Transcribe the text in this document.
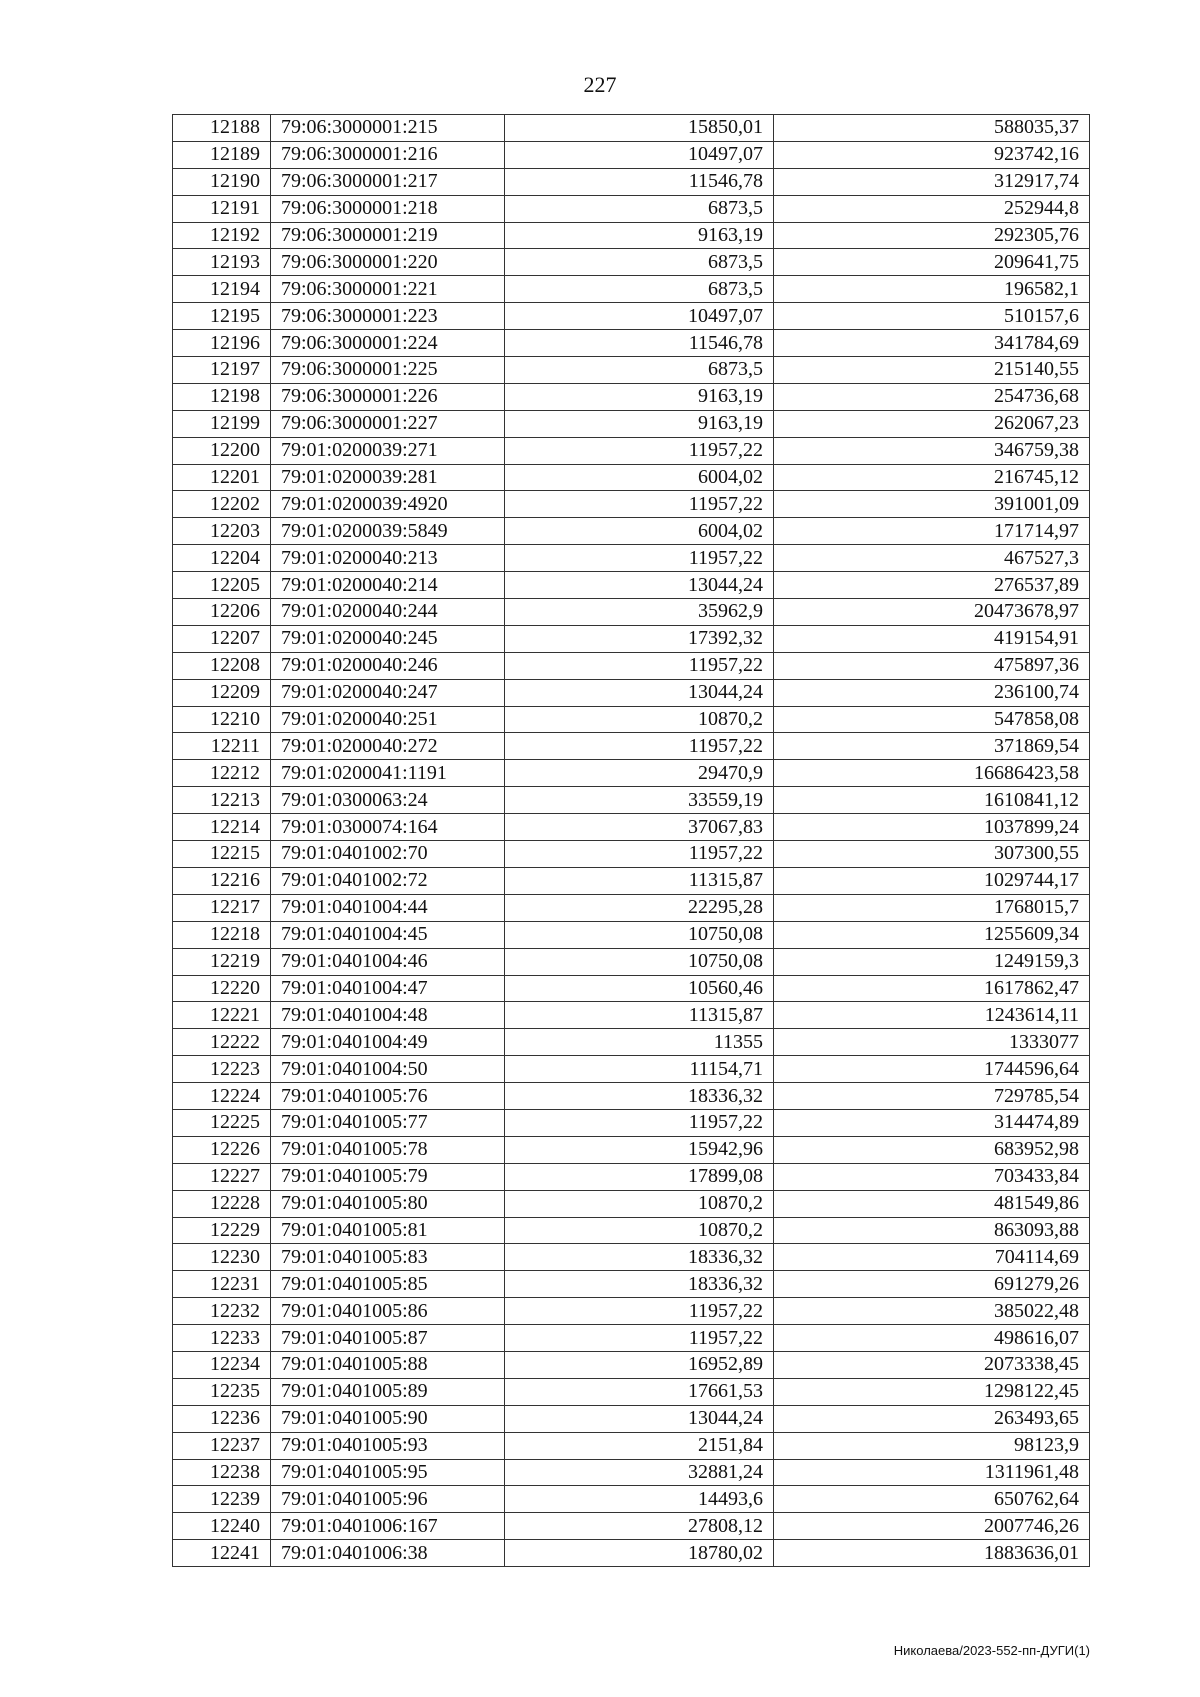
227
12188	79:06:3000001:215	15850,01	588035,37
12189	79:06:3000001:216	10497,07	923742,16
12190	79:06:3000001:217	11546,78	312917,74
12191	79:06:3000001:218	6873,5	252944,8
12192	79:06:3000001:219	9163,19	292305,76
12193	79:06:3000001:220	6873,5	209641,75
12194	79:06:3000001:221	6873,5	196582,1
12195	79:06:3000001:223	10497,07	510157,6
12196	79:06:3000001:224	11546,78	341784,69
12197	79:06:3000001:225	6873,5	215140,55
12198	79:06:3000001:226	9163,19	254736,68
12199	79:06:3000001:227	9163,19	262067,23
12200	79:01:0200039:271	11957,22	346759,38
12201	79:01:0200039:281	6004,02	216745,12
12202	79:01:0200039:4920	11957,22	391001,09
12203	79:01:0200039:5849	6004,02	171714,97
12204	79:01:0200040:213	11957,22	467527,3
12205	79:01:0200040:214	13044,24	276537,89
12206	79:01:0200040:244	35962,9	20473678,97
12207	79:01:0200040:245	17392,32	419154,91
12208	79:01:0200040:246	11957,22	475897,36
12209	79:01:0200040:247	13044,24	236100,74
12210	79:01:0200040:251	10870,2	547858,08
12211	79:01:0200040:272	11957,22	371869,54
12212	79:01:0200041:1191	29470,9	16686423,58
12213	79:01:0300063:24	33559,19	1610841,12
12214	79:01:0300074:164	37067,83	1037899,24
12215	79:01:0401002:70	11957,22	307300,55
12216	79:01:0401002:72	11315,87	1029744,17
12217	79:01:0401004:44	22295,28	1768015,7
12218	79:01:0401004:45	10750,08	1255609,34
12219	79:01:0401004:46	10750,08	1249159,3
12220	79:01:0401004:47	10560,46	1617862,47
12221	79:01:0401004:48	11315,87	1243614,11
12222	79:01:0401004:49	11355	1333077
12223	79:01:0401004:50	11154,71	1744596,64
12224	79:01:0401005:76	18336,32	729785,54
12225	79:01:0401005:77	11957,22	314474,89
12226	79:01:0401005:78	15942,96	683952,98
12227	79:01:0401005:79	17899,08	703433,84
12228	79:01:0401005:80	10870,2	481549,86
12229	79:01:0401005:81	10870,2	863093,88
12230	79:01:0401005:83	18336,32	704114,69
12231	79:01:0401005:85	18336,32	691279,26
12232	79:01:0401005:86	11957,22	385022,48
12233	79:01:0401005:87	11957,22	498616,07
12234	79:01:0401005:88	16952,89	2073338,45
12235	79:01:0401005:89	17661,53	1298122,45
12236	79:01:0401005:90	13044,24	263493,65
12237	79:01:0401005:93	2151,84	98123,9
12238	79:01:0401005:95	32881,24	1311961,48
12239	79:01:0401005:96	14493,6	650762,64
12240	79:01:0401006:167	27808,12	2007746,26
12241	79:01:0401006:38	18780,02	1883636,01
Николаева/2023-552-пп-ДУГИ(1)
